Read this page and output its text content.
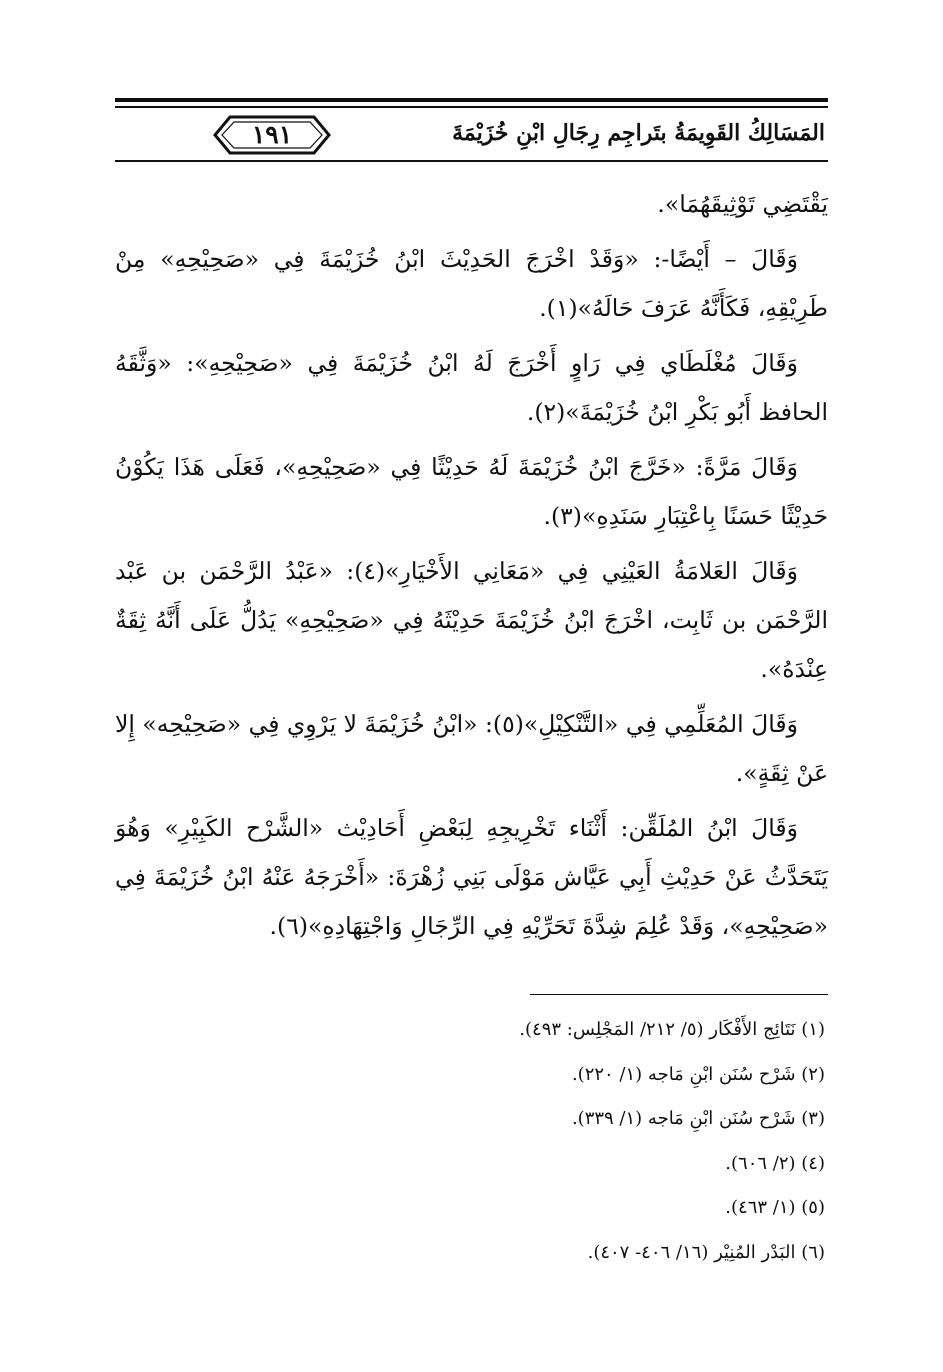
المَسَالِكُ القَوِيمَةُ بتَراجِم رِجَالِ ابْنِ خُزَيْمَةَ
١٩١

يَقْتَضِي تَوْثِيقَهُمَا».

وَقَالَ – أَيْضًا-: «وَقَدْ اخْرَجَ الحَدِيْثَ ابْنُ خُزَيْمَةَ فِي «صَحِيْحِهِ» مِنْ طَرِيْقِهِ، فَكَأَنَّهُ عَرَفَ حَالَهُ»(١).

وَقَالَ مُغْلَطَاي فِي رَاوٍ أَخْرَجَ لَهُ ابْنُ خُزَيْمَةَ فِي «صَحِيْحِهِ»: «وَثَّقَهُ الحافظ أَبُو بَكْرِ ابْنُ خُزَيْمَةَ»(٢).

وَقَالَ مَرَّةً: «خَرَّجَ ابْنُ خُزَيْمَةَ لَهُ حَدِيْثًا فِي «صَحِيْحِهِ»، فَعَلَى هَذَا يَكُوْنُ حَدِيْثًا حَسَنًا بِاعْتِبَارِ سَنَدِهِ»(٣).

وَقَالَ العَلامَةُ العَيْنِي فِي «مَعَانِي الأَخْيَارِ»(٤): «عَبْدُ الرَّحْمَن بن عَبْد الرَّحْمَن بن ثَابِت، اخْرَجَ ابْنُ خُزَيْمَةَ حَدِيْثَهُ فِي «صَحِيْحِهِ» يَدُلُّ عَلَى أَنَّهُ ثِقَةٌ عِنْدَهُ».

وَقَالَ المُعَلِّمِي فِي «التَّنْكِيْلِ»(٥): «ابْنُ خُزَيْمَةَ لا يَرْوِي فِي «صَحِيْحِه» إِلا عَنْ ثِقَةٍ».

وَقَالَ ابْنُ المُلَقِّن: أَثْنَاء تَخْرِيجِهِ لِبَعْضِ أَحَادِيْث «الشَّرْح الكَبِيْرِ» وَهُوَ يَتَحَدَّثُ عَنْ حَدِيْثِ أَبِي عَيَّاش مَوْلَى بَنِي زُهْرَةَ: «أَخْرَجَهُ عَنْهُ ابْنُ خُزَيْمَةَ فِي «صَحِيْحِهِ»، وَقَدْ عُلِمَ شِدَّةَ تَحَرِّيْهِ فِي الرِّجَالِ وَاجْتِهَادِهِ»(٦).

(١) نَتَائِج الأَفْكَار (٥/ ٢١٢/ المَجْلِس: ٤٩٣).
(٢) شَرْح سُنَن ابْنِ مَاجه (١/ ٢٢٠).
(٣) شَرْح سُنَن ابْنِ مَاجه (١/ ٣٣٩).
(٤) (٢/ ٦٠٦).
(٥) (١/ ٤٦٣).
(٦) البَدْر المُنِيْر (١٦/ ٤٠٦- ٤٠٧).
